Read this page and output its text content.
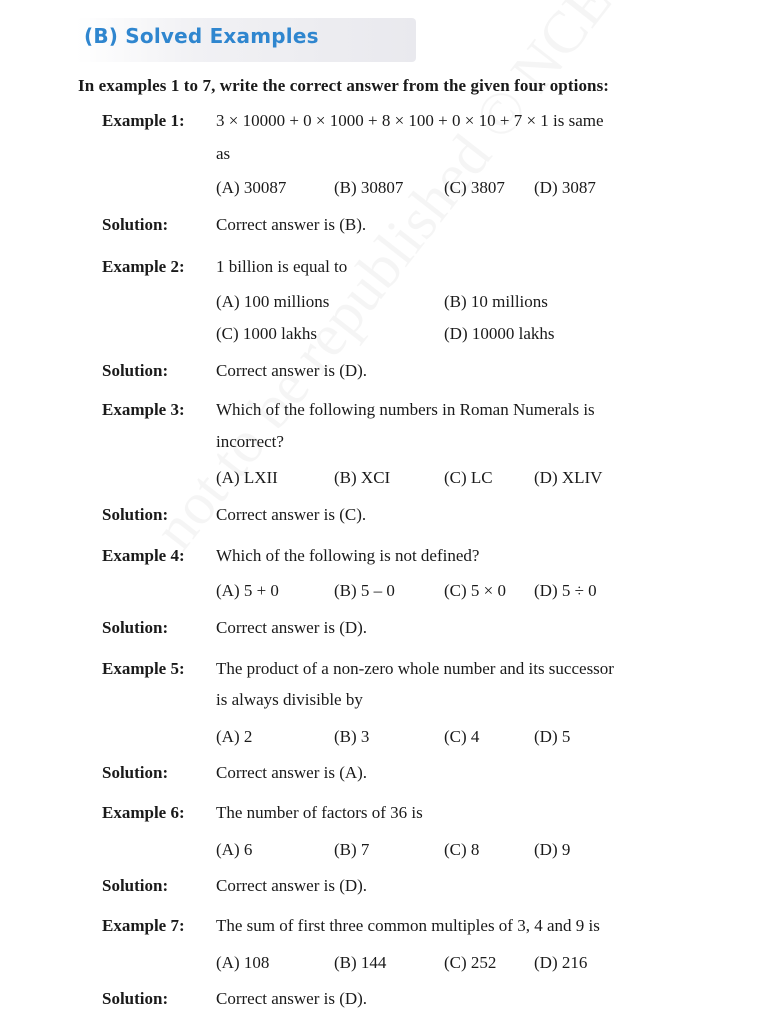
(B) Solved Examples
In examples 1 to 7, write the correct answer from the given four options:
Example 1: 3 × 10000 + 0 × 1000 + 8 × 100 + 0 × 10 + 7 × 1 is same
as
(A) 30087	(B) 30807 (C) 3807 (D) 3087
Solution:	Correct answer is (B).
Example 2: 1 billion is equal to
(A) 100 millions	(B) 10 millions
(C) 1000 lakhs	(D) 10000 lakhs
Solution:	Correct answer is (D).
Example 3: Which of the following numbers in Roman Numerals is
incorrect?
(A) LXII	(B) XCI	(C) LC (D) XLIV
Solution:	Correct answer is (C).
Example 4: Which of the following is not defined?
(A) 5 + 0	(B) 5 – 0	(C) 5 × 0 (D) 5 ÷ 0
Solution:	Correct answer is (D).
Example 5: The product of a non-zero whole number and its successor
is always divisible by
(A) 2	(B) 3	(C) 4	(D) 5
Solution:	Correct answer is (A).
Example 6: The number of factors of 36 is
(A) 6	(B) 7	(C) 8	(D) 9
Solution:	Correct answer is (D).
Example 7: The sum of first three common multiples of 3, 4 and 9 is
(A) 108	(B) 144	(C) 252 (D) 216
Solution:	Correct answer is (D).
